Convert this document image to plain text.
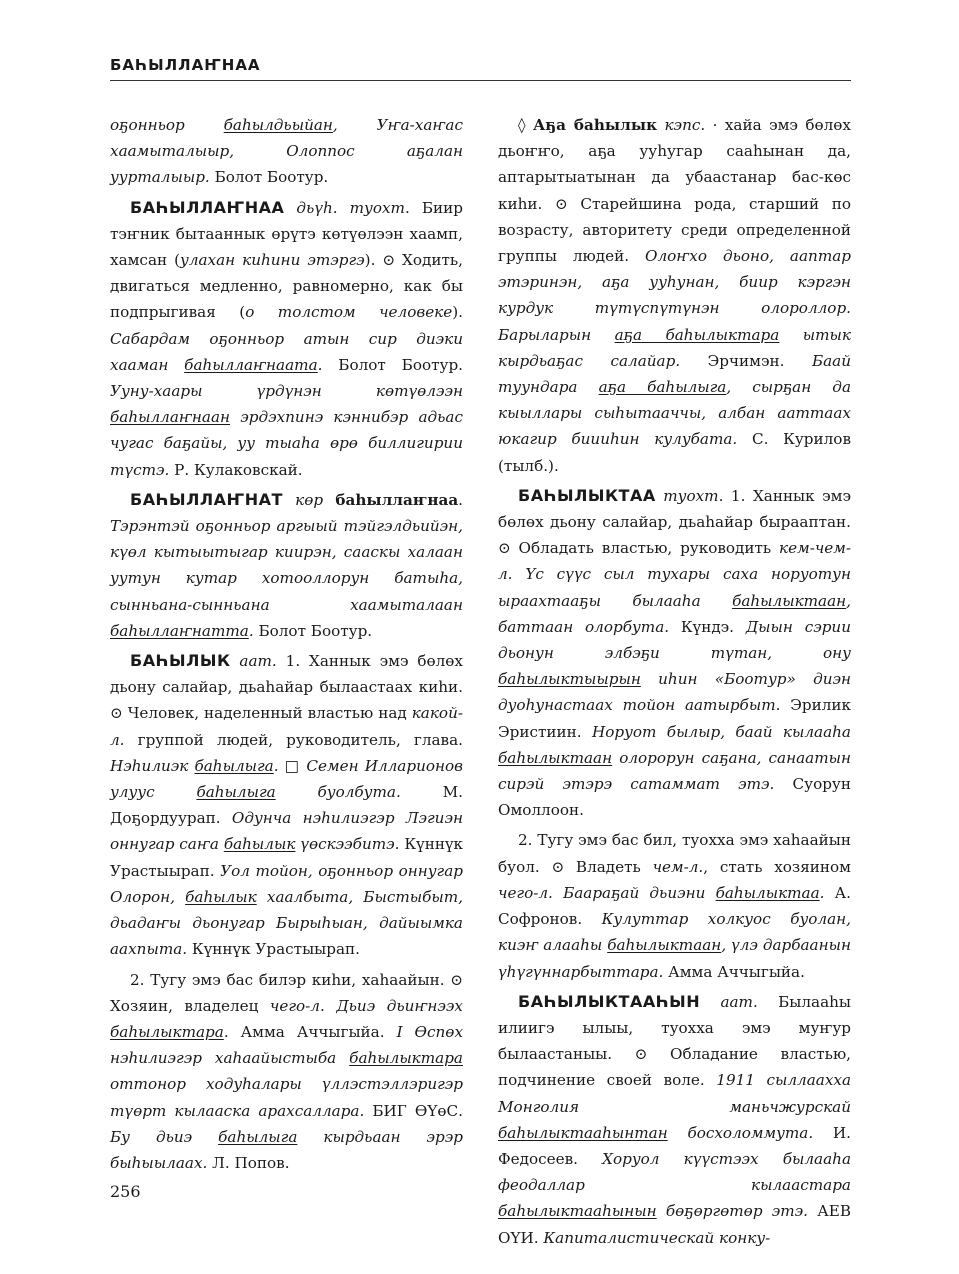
БАҺЫЛЛАҤНАА

оҕонньор баһылдьыйан, Уҥа-хаҥас хаамыталыыр, Олоппос аҕалан уурталыыр. Болот Боотур.

БАҺЫЛЛАҤНАА дьүһ. туохт. Биир тэҥник бытааннык өрүтэ көтүөлээн хаамп, хамсан (улахан киһини этэргэ). ⊙ Ходить, двигаться медленно, равномерно, как бы подпрыгивая (о толстом человеке). Сабардам оҕонньор атын сир диэки хааман баһыллаҥнаата. Болот Боотур. Ууну-хаары үрдүнэн көтүөлээн баһыллаҥнаан эрдэхпинэ кэннибэр адьас чугас баҕайы, уу тыаһа өрө биллигирии түстэ. Р. Кулаковскай.

БАҺЫЛЛАҤНАТ көр баһыллаҥнаа. Тэрэнтэй оҕонньор аргыый тэйгэлдьийэн, күөл кытыытыгар киирэн, сааскы халаан уутун кутар хотооллорун батыһа, сынньана-сынньана хаамыталаан баһыллаҥнатта. Болот Боотур.

БАҺЫЛЫК аат. 1. Ханнык эмэ бөлөх дьону салайар, дьаһайар былаастаах киһи. ⊙ Человек, наделенный властью над какой-л. группой людей, руководитель, глава. Нэһилиэк баһылыга. □ Семен Илларионов улуус баһылыга буолбута. М. Доҕордуурап. Одунча нэһилиэгэр Лэгиэн оннугар саҥа баһылык үөскээбитэ. Күннүк Урастыырап. Уол тойон, оҕонньор оннугар Олорон, баһылык хаалбыта, Быстыбыт, дьадаҥы дьонугар Бырыһыан, дайыымка аахпыта. Күннүк Урастыырап.

2. Тугу эмэ бас билэр киһи, хаһаайын. ⊙ Хозяин, владелец чего-л. Дьиэ дьиҥнээх баһылыктара. Амма Аччыгыйа. I Өспөх нэһилиэгэр хаһаайыстыба баһылыктара оттонор ходуһалары үллэстэллэригэр түөрт кылааска арахсаллара. БИГ ӨҮөС. Бу дьиэ баһылыга кырдьаан эрэр быһыылаах. Л. Попов.

◊ Аҕа баһылык кэпс. · хайа эмэ бөлөх дьоҥҥо, аҕа ууһугар сааһынан да, аптарытыатынан да убаастанар бас-көс киһи. ⊙ Старейшина рода, старший по возрасту, авторитету среди определенной группы людей. Олоҥхо дьоно, ааптар этэринэн, аҕа ууһунан, биир кэргэн курдук түтүспүтүнэн олороллор. Барыларын аҕа баһылыктара ытык кырдьаҕас салайар. Эрчимэн. Баай туундара аҕа баһылыга, сырҕан да кыыллары сыһытааччы, албан ааттаах юкагир биииһин кулубата. С. Курилов (тылб.).

БАҺЫЛЫКТАА туохт. 1. Ханнык эмэ бөлөх дьону салайар, дьаһайар бырааптан. ⊙ Обладать властью, руководить кем-чем-л. Үс сүүс сыл тухары саха норуотун ыраахтааҕы былааһа баһылыктаан, баттаан олорбута. Күндэ. Дыын сэрии дьонун элбэҕи түтан, ону баһылыктыырын иһин «Боотур» диэн дуоһунастаах тойон аатырбыт. Эрилик Эристиин. Норуот былыр, баай кылааһа баһылыктаан олорорун саҕана, санаатын сирэй этэрэ сатаммат этэ. Суорун Омоллоон.

2. Тугу эмэ бас бил, туохха эмэ хаһаайын буол. ⊙ Владеть чем-л., стать хозяином чего-л. Бaaраҕай дьиэни баһылыктаа. А. Софронов. Кулуттар холкуос буолан, киэҥ алааһы баһылыктаан, үлэ дарбаанын үһүгүннарбыттара. Амма Аччыгыйа.

БАҺЫЛЫКТААҺЫН аат. Былааһы илиигэ ылыы, туохха эмэ муҥур былаастаныы. ⊙ Обладание властью, подчинение своей воле. 1911 сыллаахха Монголия маньчжурскай баһылыктааһынтан босхоломмута. И. Федосеев. Хоруол күүстээх былааһа феодаллар кылаастара баһылыктааһынын бөҕөргөтөр этэ. АЕВ ОҮИ. Капиталистическай конку-

256
